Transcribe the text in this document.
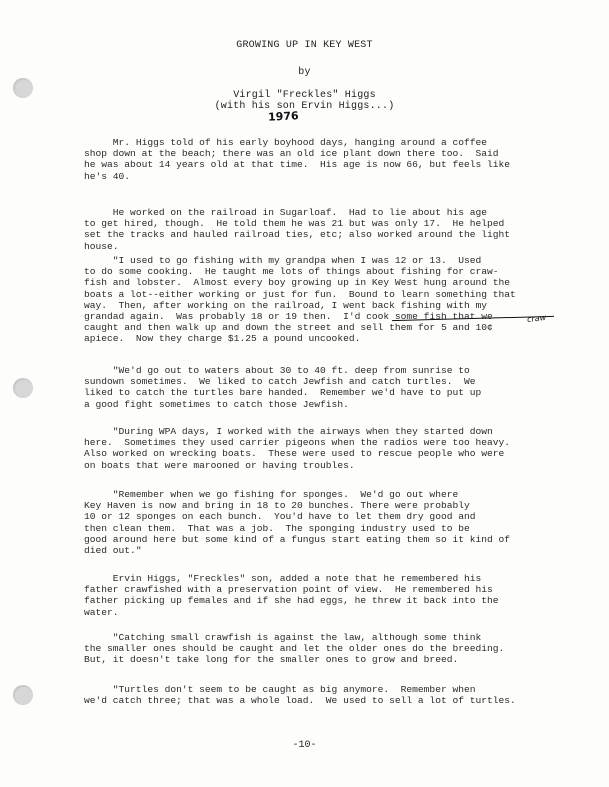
GROWING UP IN KEY WEST
by
Virgil "Freckles" Higgs
(with his son Ervin Higgs...)
1976

Mr. Higgs told of his early boyhood days, hanging around a coffee
shop down at the beach; there was an old ice plant down there too.  Said
he was about 14 years old at that time.  His age is now 66, but feels like
he's 40.

He worked on the railroad in Sugarloaf.  Had to lie about his age
to get hired, though.  He told them he was 21 but was only 17.  He helped
set the tracks and hauled railroad ties, etc; also worked around the light
house.

"I used to go fishing with my grandpa when I was 12 or 13.  Used
to do some cooking.  He taught me lots of things about fishing for craw-
fish and lobster.  Almost every boy growing up in Key West hung around the
boats a lot--either working or just for fun.  Bound to learn something that
way.  Then, after working on the railroad, I went back fishing with my
grandad again.  Was probably 18 or 19 then.  I'd cook some fish that we
caught and then walk up and down the street and sell them for 5 and 10¢
apiece.  Now they charge $1.25 a pound uncooked.

craw

"We'd go out to waters about 30 to 40 ft. deep from sunrise to
sundown sometimes.  We liked to catch Jewfish and catch turtles.  We
liked to catch the turtles bare handed.  Remember we'd have to put up
a good fight sometimes to catch those Jewfish.

"During WPA days, I worked with the airways when they started down
here.  Sometimes they used carrier pigeons when the radios were too heavy.
Also worked on wrecking boats.  These were used to rescue people who were
on boats that were marooned or having troubles.

"Remember when we go fishing for sponges.  We'd go out where
Key Haven is now and bring in 18 to 20 bunches. There were probably
10 or 12 sponges on each bunch.  You'd have to let them dry good and
then clean them.  That was a job.  The sponging industry used to be
good around here but some kind of a fungus start eating them so it kind of
died out."

Ervin Higgs, "Freckles" son, added a note that he remembered his
father crawfished with a preservation point of view.  He remembered his
father picking up females and if she had eggs, he threw it back into the
water.

"Catching small crawfish is against the law, although some think
the smaller ones should be caught and let the older ones do the breeding.
But, it doesn't take long for the smaller ones to grow and breed.

"Turtles don't seem to be caught as big anymore.  Remember when
we'd catch three; that was a whole load.  We used to sell a lot of turtles.

-10-
